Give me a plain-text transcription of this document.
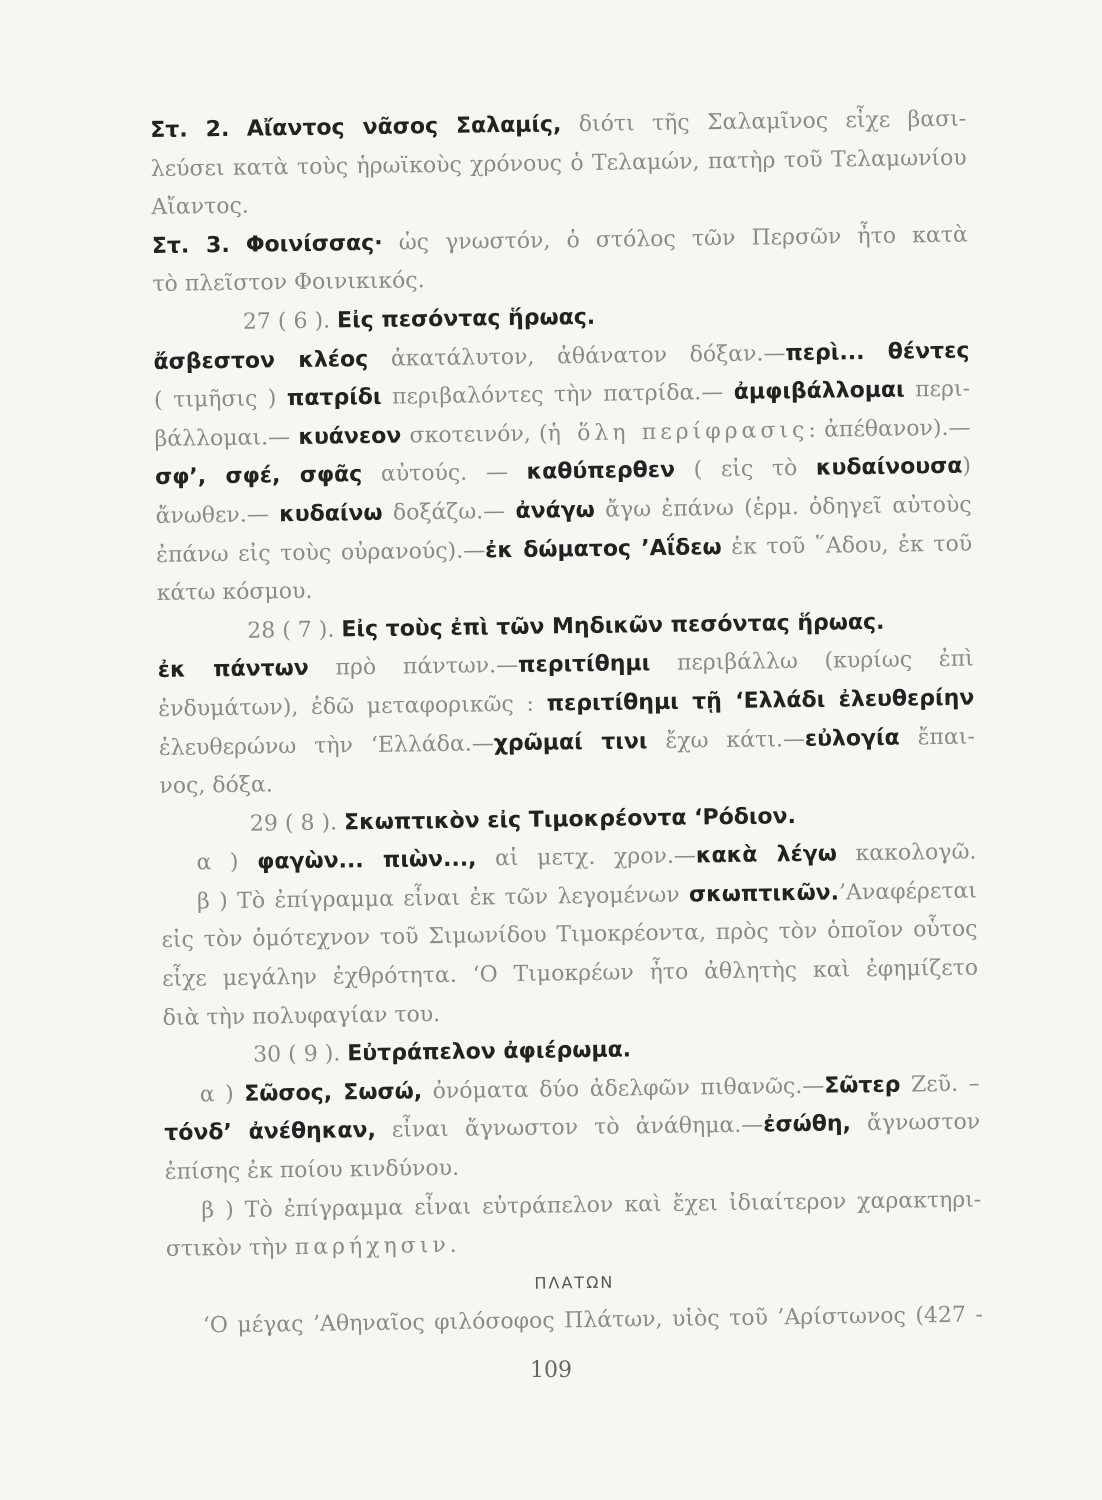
Στ. 2. Αἴαντος νᾶσος Σαλαμίς, διότι τῆς Σαλαμῖνος εἶχε βασι-
λεύσει κατὰ τοὺς ἡρωϊκοὺς χρόνους ὁ Τελαμών, πατὴρ τοῦ Τελαμωνίου
Αἴαντος.
Στ. 3. Φοινίσσας· ὡς γνωστόν, ὁ στόλος τῶν Περσῶν ἦτο κατὰ
τὸ πλεῖστον Φοινικικός.
27 ( 6 ). Εἰς πεσόντας ἥρωας.
ἄσβεστον κλέος ἀκατάλυτον, ἀθάνατον δόξαν.—περὶ... θέντες
( τιμῆσις ) πατρίδι περιβαλόντες τὴν πατρίδα.— ἀμφιβάλλομαι περι-
βάλλομαι.— κυάνεον σκοτεινόν, (ἡ ὅλη περίφρασις: ἀπέθανον).—
σφ’, σφέ, σφᾶς αὐτούς. — καθύπερθεν ( εἰς τὸ κυδαίνουσα)
ἄνωθεν.— κυδαίνω δοξάζω.— ἀνάγω ἄγω ἐπάνω (ἑρμ. ὁδηγεῖ αὐτοὺς
ἐπάνω εἰς τοὺς οὐρανούς).—ἐκ δώματος ’Αΐδεω ἐκ τοῦ ῞Αδου, ἐκ τοῦ
κάτω κόσμου.
28 ( 7 ). Εἰς τοὺς ἐπὶ τῶν Μηδικῶν πεσόντας ἥρωας.
ἐκ πάντων πρὸ πάντων.—περιτίθημι περιβάλλω (κυρίως ἐπὶ
ἐνδυμάτων), ἐδῶ μεταφορικῶς : περιτίθημι τῇ ‘Ελλάδι ἐλευθερίην
ἐλευθερώνω τὴν ‘Ελλάδα.—χρῶμαί τινι ἔχω κάτι.—εὐλογία ἔπαι-
νος, δόξα.
29 ( 8 ). Σκωπτικὸν εἰς Τιμοκρέοντα ‘Ρόδιον.
α ) φαγὼν... πιὼν..., αἱ μετχ. χρον.—κακὰ λέγω κακολογῶ.
β ) Τὸ ἐπίγραμμα εἶναι ἐκ τῶν λεγομένων σκωπτικῶν.’Αναφέρεται
εἰς τὸν ὁμότεχνον τοῦ Σιμωνίδου Τιμοκρέοντα, πρὸς τὸν ὁποῖον οὗτος
εἶχε μεγάλην ἐχθρότητα. ‘Ο Τιμοκρέων ἦτο ἀθλητὴς καὶ ἐφημίζετο
διὰ τὴν πολυφαγίαν του.
30 ( 9 ). Εὐτράπελον ἀφιέρωμα.
α ) Σῶσος, Σωσώ, ὀνόματα δύο ἀδελφῶν πιθανῶς.—Σῶτερ Ζεῦ. –
τόνδ’ ἀνέθηκαν, εἶναι ἄγνωστον τὸ ἀνάθημα.—ἐσώθη, ἄγνωστον
ἐπίσης ἐκ ποίου κινδύνου.
β ) Τὸ ἐπίγραμμα εἶναι εὐτράπελον καὶ ἔχει ἰδιαίτερον χαρακτηρι-
στικὸν τὴν παρήχησιν.
ΠΛΑΤΩΝ
‘Ο μέγας ’Αθηναῖος φιλόσοφος Πλάτων, υἱὸς τοῦ ’Αρίστωνος (427 -
109
